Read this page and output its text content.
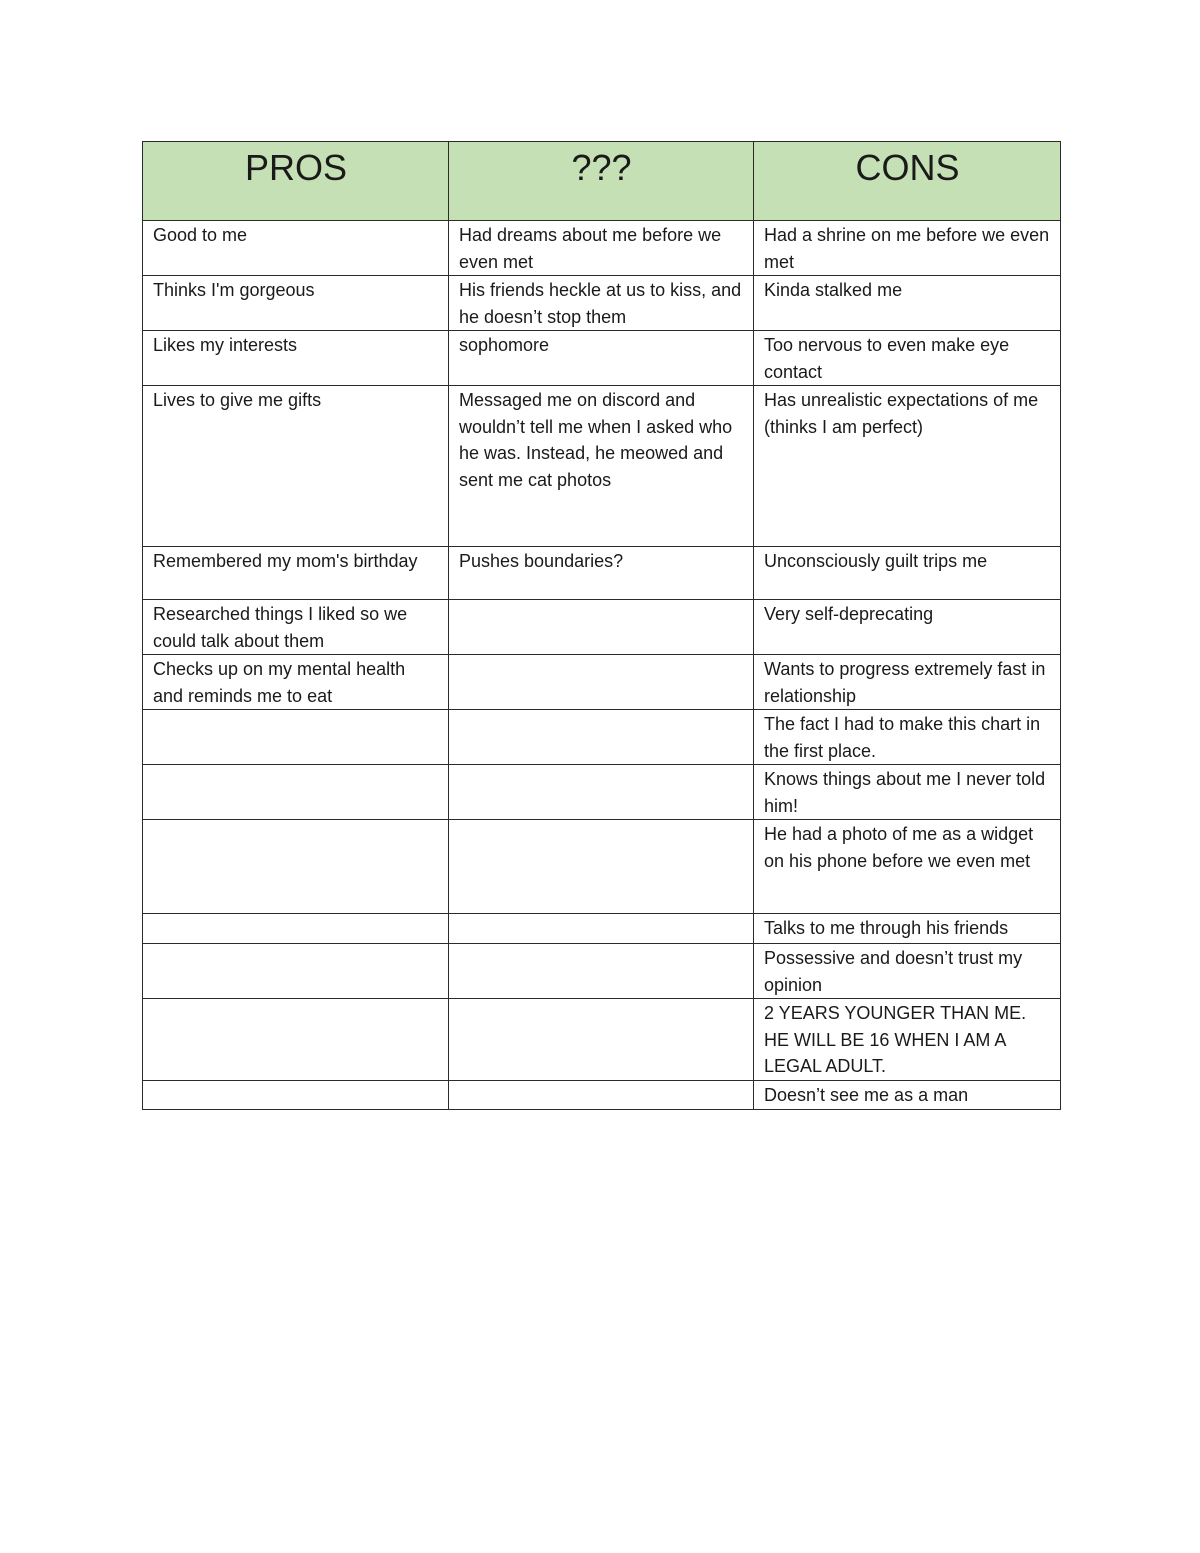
PROS	???	CONS
Good to me	Had dreams about me before we even met	Had a shrine on me before we even met
Thinks I'm gorgeous	His friends heckle at us to kiss, and he doesn’t stop them	Kinda stalked me
Likes my interests	sophomore	Too nervous to even make eye contact
Lives to give me gifts	Messaged me on discord and wouldn’t tell me when I asked who he was. Instead, he meowed and sent me cat photos	Has unrealistic expectations of me (thinks I am perfect)
Remembered my mom's birthday	Pushes boundaries?	Unconsciously guilt trips me
Researched things I liked so we could talk about them		Very self-deprecating
Checks up on my mental health and reminds me to eat		Wants to progress extremely fast in relationship
		The fact I had to make this chart in the first place.
		Knows things about me I never told him!
		He had a photo of me as a widget on his phone before we even met
		Talks to me through his friends
		Possessive and doesn’t trust my opinion
		2 YEARS YOUNGER THAN ME. HE WILL BE 16 WHEN I AM A LEGAL ADULT.
		Doesn’t see me as a man
